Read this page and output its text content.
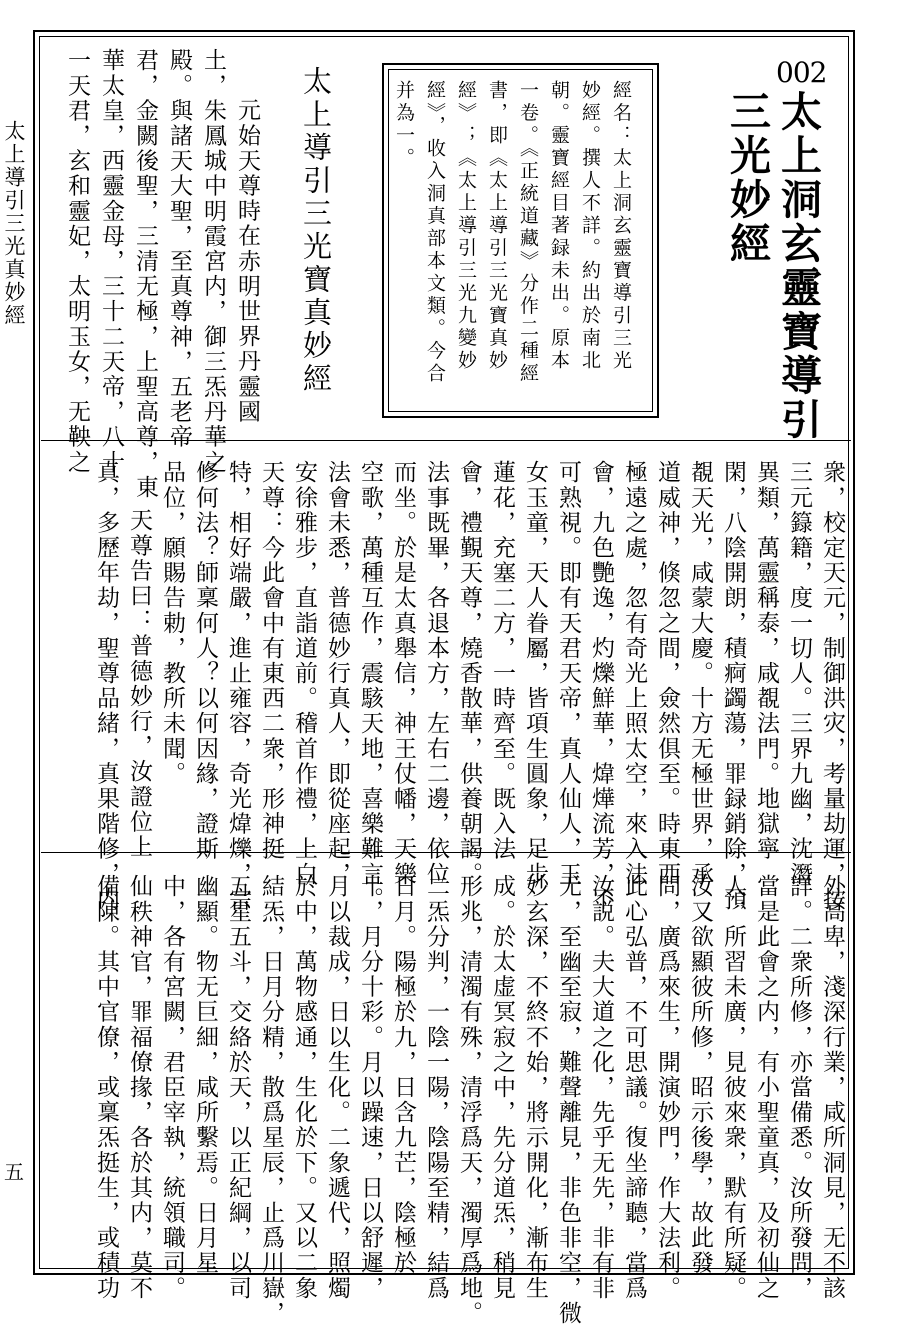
太上導引三光真妙經
五
002
太上洞玄靈寶導引
三光妙經
經名：太上洞玄靈寶導引三光
妙經。撰人不詳。約出於南北
朝。靈寶經目著録未出。原本
一卷。《正統道藏》分作二種經
書，即《太上導引三光寶真妙
經》；《太上導引三光九變妙
經》，收入洞真部本文類。今合
并為一。
太上導引三光寶真妙經
元始天尊時在赤明世界丹靈國
土，朱鳳城中明霞宮内，御三炁丹華之
殿。與諸天大聖，至真尊神，五老帝
君，金闕後聖，三清无極，上聖高尊，東
華太皇，西靈金母，三十二天帝，八十
一天君，玄和靈妃，太明玉女，无鞅之
衆，校定天元，制御洪灾，考量劫運，按
三元籙籍，度一切人。三界九幽，沈潛
異類，萬靈稱泰，咸覩法門。地獄寧
閑，八陰開朗，積痾蠲蕩，罪録銷除，預
覩天光，咸蒙大慶。十方无極世界，承
道威神，倏忽之間，僉然俱至。時東西
極遠之處，忽有奇光上照太空，來入法
會，九色艷逸，灼爍鮮華，煒燁流芳，不
可熟視。即有天君天帝，真人仙人，玉
女玉童，天人眷屬，皆項生圓象，足步
蓮花，充塞二方，一時齊至。既入法
會，禮覲天尊，燒香散華，供養朝謁。
法事既畢，各退本方，左右二邊，依位
而坐。於是太真舉信，神王仗幡，天樂
空歌，萬種互作，震駭天地，喜樂難言。
法會未悉，普德妙行真人，即從座起，
安徐雅步，直詣道前。稽首作禮，上白
天尊：今此會中有東西二衆，形神挺
特，相好端嚴，進止雍容，奇光煒爍，宗
修何法？師稟何人？以何因緣，證斯
品位，願賜告勅，教所未聞。
天尊告曰：普德妙行，汝證位上
真，多歷年劫，聖尊品緒，真果階修，内
外高卑，淺深行業，咸所洞見，无不該
詳。二衆所修，亦當備悉。汝所發問，
當是此會之内，有小聖童真，及初仙之
人，所習未廣，見彼來衆，默有所疑。
汝又欲顯彼所修，昭示後學，故此發
問，廣爲來生，開演妙門，作大法利。
此心弘普，不可思議。復坐諦聽，當爲
汝説。夫大道之化，先乎无先，非有非
无，至幽至寂，難聲離見，非色非空，微
妙玄深，不終不始，將示開化，漸布生
成。於太虚冥寂之中，先分道炁，稍見
形兆，清濁有殊，清浮爲天，濁厚爲地。
二炁分判，一陰一陽，陰陽至精，結爲
日月。陽極於九，日含九芒，陰極於
十，月分十彩。月以躁速，日以舒遲，
月以裁成，日以生化。二象遞代，照燭
於中，萬物感通，生化於下。又以二象
結炁，日月分精，散爲星辰，止爲川嶽，
五星五斗，交絡於天，以正紀綱，以司
幽顯。物无巨細，咸所繫焉。日月星
中，各有宮闕，君臣宰執，統領職司。
仙秩神官，罪福僚掾，各於其内，莫不
備陳。其中官僚，或稟炁挺生，或積功
